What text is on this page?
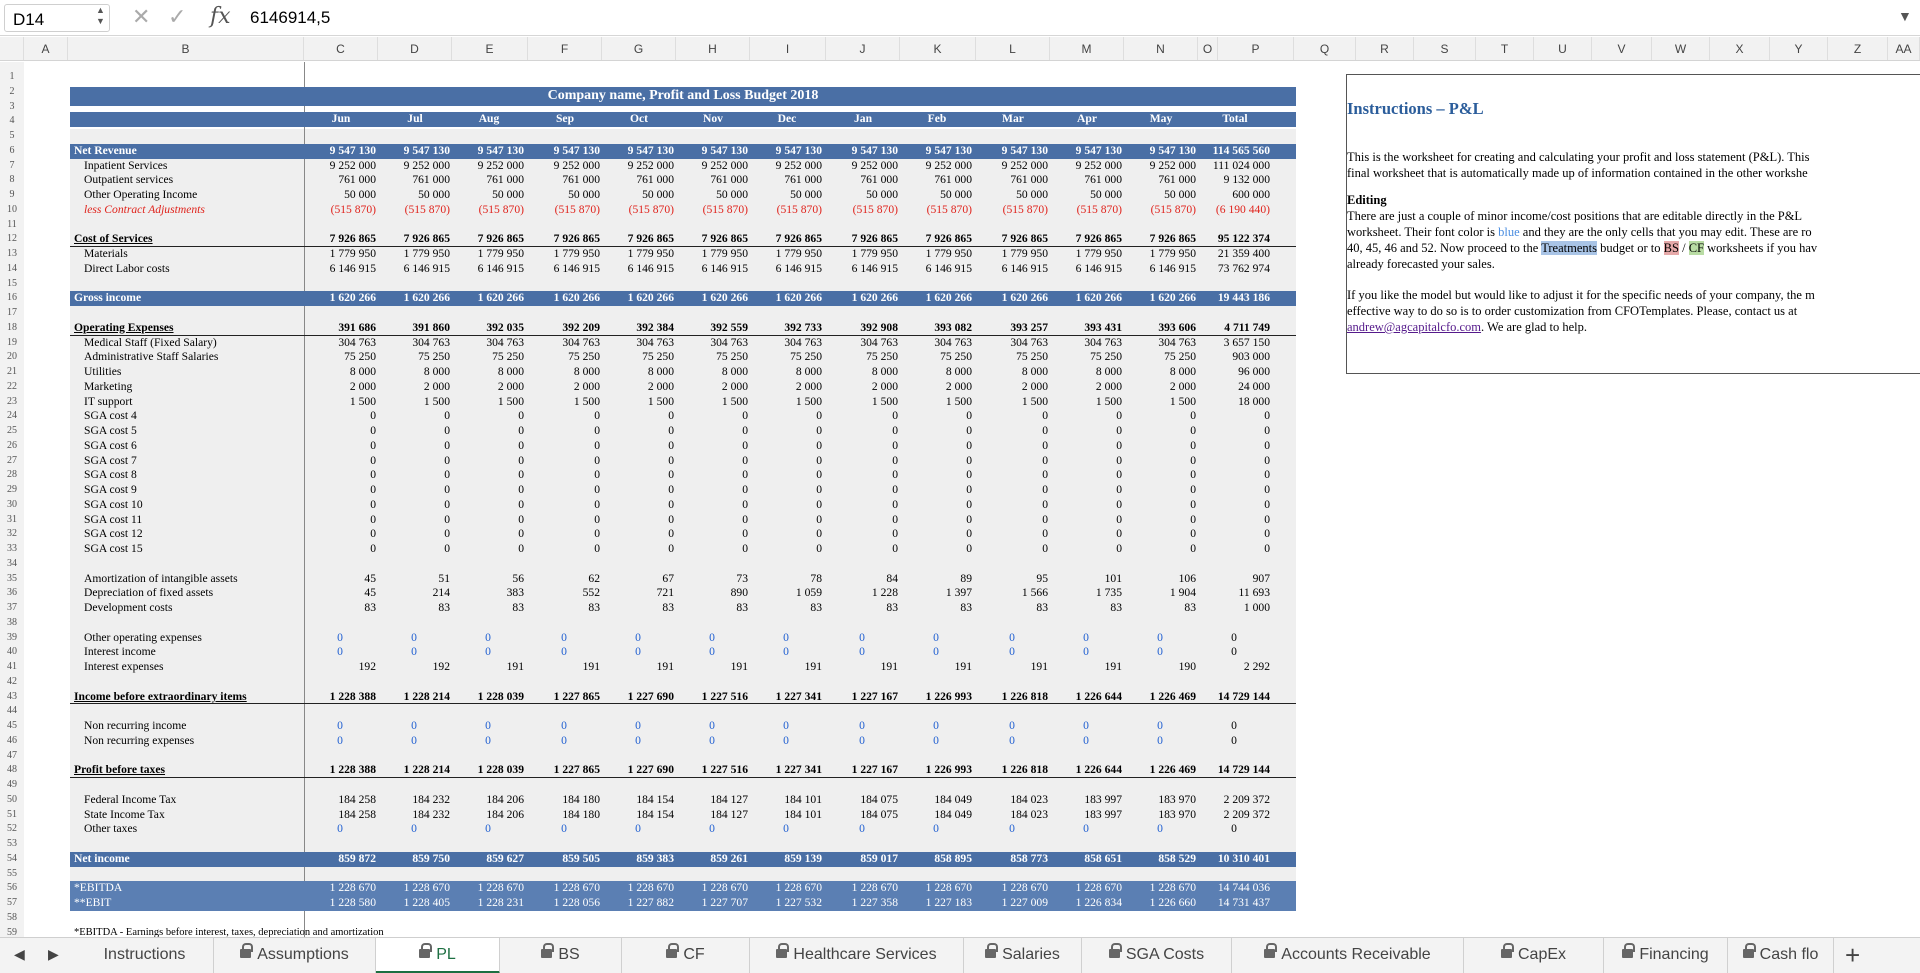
D14	▲
▼ ✕ ✓ fx 6146914,5	▼
A	B	C	D	E	F	G	H	I	J	K	L	M	N	O	P	Q	R	S	T	U	V	W	X	Y	Z	AA
1
2
3
4
5
6
7
8
9
10
11
12
13
14
15
16
17
18
19
20
21
22
23
24
25
26
27
28
29
30
31
32
33
34
35
36
37
38
39
40
41
42
43
44
45
46
47
48
49
50
51
52
53
54
55
56
57
58
59
Company name, Profit and Loss Budget 2018
Jun	Jul	Aug	Sep	Oct	Nov	Dec	Jan	Feb	Mar	Apr	May	Total
Net Revenue	9 547 130	9 547 130	9 547 130	9 547 130	9 547 130	9 547 130	9 547 130	9 547 130	9 547 130	9 547 130	9 547 130	9 547 130	114 565 560
Inpatient Services	9 252 000	9 252 000	9 252 000	9 252 000	9 252 000	9 252 000	9 252 000	9 252 000	9 252 000	9 252 000	9 252 000	9 252 000	111 024 000
Outpatient services	761 000	761 000	761 000	761 000	761 000	761 000	761 000	761 000	761 000	761 000	761 000	761 000	9 132 000
Other Operating Income	50 000	50 000	50 000	50 000	50 000	50 000	50 000	50 000	50 000	50 000	50 000	50 000	600 000
less Contract Adjustments	(515 870)	(515 870)	(515 870)	(515 870)	(515 870)	(515 870)	(515 870)	(515 870)	(515 870)	(515 870)	(515 870)	(515 870)	(6 190 440)
Cost of Services	7 926 865	7 926 865	7 926 865	7 926 865	7 926 865	7 926 865	7 926 865	7 926 865	7 926 865	7 926 865	7 926 865	7 926 865	95 122 374
Materials	1 779 950	1 779 950	1 779 950	1 779 950	1 779 950	1 779 950	1 779 950	1 779 950	1 779 950	1 779 950	1 779 950	1 779 950	21 359 400
Direct Labor costs	6 146 915	6 146 915	6 146 915	6 146 915	6 146 915	6 146 915	6 146 915	6 146 915	6 146 915	6 146 915	6 146 915	6 146 915	73 762 974
Gross income	1 620 266	1 620 266	1 620 266	1 620 266	1 620 266	1 620 266	1 620 266	1 620 266	1 620 266	1 620 266	1 620 266	1 620 266	19 443 186
Operating Expenses	391 686	391 860	392 035	392 209	392 384	392 559	392 733	392 908	393 082	393 257	393 431	393 606	4 711 749
Medical Staff (Fixed Salary)	304 763	304 763	304 763	304 763	304 763	304 763	304 763	304 763	304 763	304 763	304 763	304 763	3 657 150
Administrative Staff Salaries	75 250	75 250	75 250	75 250	75 250	75 250	75 250	75 250	75 250	75 250	75 250	75 250	903 000
Utilities	8 000	8 000	8 000	8 000	8 000	8 000	8 000	8 000	8 000	8 000	8 000	8 000	96 000
Marketing	2 000	2 000	2 000	2 000	2 000	2 000	2 000	2 000	2 000	2 000	2 000	2 000	24 000
IT support	1 500	1 500	1 500	1 500	1 500	1 500	1 500	1 500	1 500	1 500	1 500	1 500	18 000
SGA cost 4	0	0	0	0	0	0	0	0	0	0	0	0	0
SGA cost 5	0	0	0	0	0	0	0	0	0	0	0	0	0
SGA cost 6	0	0	0	0	0	0	0	0	0	0	0	0	0
SGA cost 7	0	0	0	0	0	0	0	0	0	0	0	0	0
SGA cost 8	0	0	0	0	0	0	0	0	0	0	0	0	0
SGA cost 9	0	0	0	0	0	0	0	0	0	0	0	0	0
SGA cost 10	0	0	0	0	0	0	0	0	0	0	0	0	0
SGA cost 11	0	0	0	0	0	0	0	0	0	0	0	0	0
SGA cost 12	0	0	0	0	0	0	0	0	0	0	0	0	0
SGA cost 15	0	0	0	0	0	0	0	0	0	0	0	0	0
Amortization of intangible assets	45	51	56	62	67	73	78	84	89	95	101	106	907
Depreciation of fixed assets	45	214	383	552	721	890	1 059	1 228	1 397	1 566	1 735	1 904	11 693
Development costs	83	83	83	83	83	83	83	83	83	83	83	83	1 000
Other operating expenses	0	0	0	0	0	0	0	0	0	0	0	0	0
Interest income	0	0	0	0	0	0	0	0	0	0	0	0	0
Interest expenses	192	192	191	191	191	191	191	191	191	191	191	190	2 292
Income before extraordinary items	1 228 388	1 228 214	1 228 039	1 227 865	1 227 690	1 227 516	1 227 341	1 227 167	1 226 993	1 226 818	1 226 644	1 226 469	14 729 144
Non recurring income	0	0	0	0	0	0	0	0	0	0	0	0	0
Non recurring expenses	0	0	0	0	0	0	0	0	0	0	0	0	0
Profit before taxes	1 228 388	1 228 214	1 228 039	1 227 865	1 227 690	1 227 516	1 227 341	1 227 167	1 226 993	1 226 818	1 226 644	1 226 469	14 729 144
Federal Income Tax	184 258	184 232	184 206	184 180	184 154	184 127	184 101	184 075	184 049	184 023	183 997	183 970	2 209 372
State Income Tax	184 258	184 232	184 206	184 180	184 154	184 127	184 101	184 075	184 049	184 023	183 997	183 970	2 209 372
Other taxes	0	0	0	0	0	0	0	0	0	0	0	0	0
Net income	859 872	859 750	859 627	859 505	859 383	859 261	859 139	859 017	858 895	858 773	858 651	858 529	10 310 401
*EBITDA	1 228 670	1 228 670	1 228 670	1 228 670	1 228 670	1 228 670	1 228 670	1 228 670	1 228 670	1 228 670	1 228 670	1 228 670	14 744 036
**EBIT	1 228 580	1 228 405	1 228 231	1 228 056	1 227 882	1 227 707	1 227 532	1 227 358	1 227 183	1 227 009	1 226 834	1 226 660	14 731 437
*EBITDA - Earnings before interest, taxes, depreciation and amortization
Instructions – P&L
This is the worksheet for creating and calculating your profit and loss statement (P&L). This
final worksheet that is automatically made up of information contained in the other workshe
Editing
There are just a couple of minor income/cost positions that are editable directly in the P&L
worksheet. Their font color is blue and they are the only cells that you may edit. These are ro
40, 45, 46 and 52. Now proceed to the Treatments budget or to BS / CF worksheets if you hav
already forecasted your sales.
If you like the model but would like to adjust it for the specific needs of your company, the m
effective way to do so is to order customization from CFOTemplates. Please, contact us at
andrew@agcapitalcfo.com. We are glad to help.
◀ ▶	Instructions	Assumptions	PL	BS	CF	Healthcare Services	Salaries	SGA Costs	Accounts Receivable	CapEx	Financing	Cash flo	+
